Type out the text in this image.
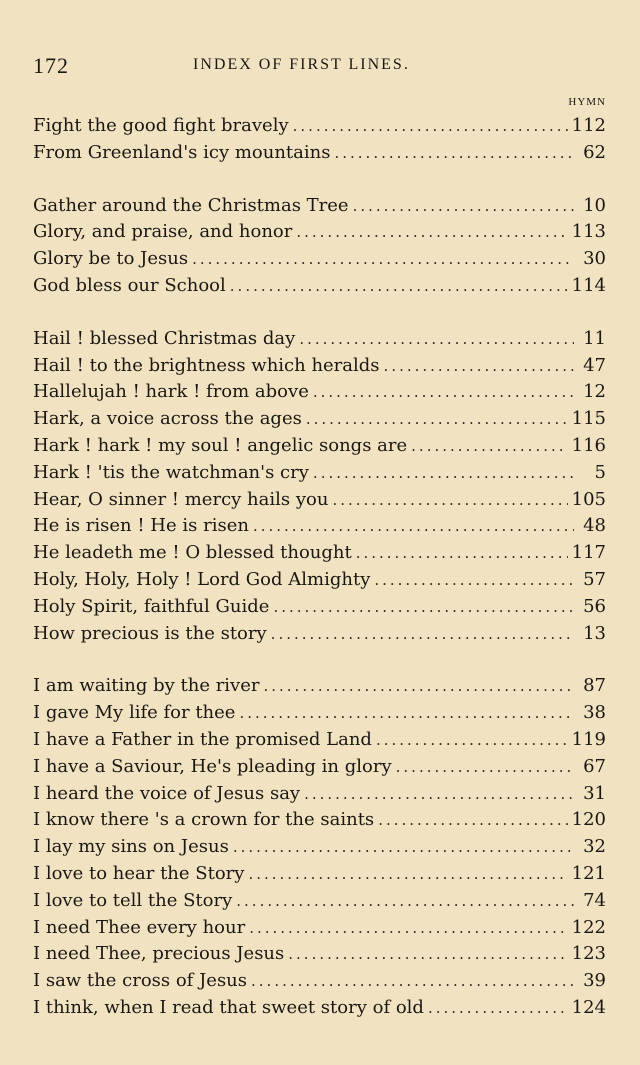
172	INDEX OF FIRST LINES.
HYMN
Fight the good fight bravely .....	112
From Greenland's icy mountains .....	62
Gather around the Christmas Tree .....	10
Glory, and praise, and honor .....	113
Glory be to Jesus .....	30
God bless our School .....	114
Hail ! blessed Christmas day .....	11
Hail ! to the brightness which heralds .....	47
Hallelujah ! hark ! from above .....	12
Hark, a voice across the ages .....	115
Hark ! hark ! my soul ! angelic songs are .....	116
Hark ! 'tis the watchman's cry .....	5
Hear, O sinner ! mercy hails you .....	105
He is risen ! He is risen .....	48
He leadeth me ! O blessed thought .....	117
Holy, Holy, Holy ! Lord God Almighty .....	57
Holy Spirit, faithful Guide .....	56
How precious is the story .....	13
I am waiting by the river .....	87
I gave My life for thee .....	38
I have a Father in the promised Land .....	119
I have a Saviour, He's pleading in glory .....	67
I heard the voice of Jesus say .....	31
I know there 's a crown for the saints .....	120
I lay my sins on Jesus .....	32
I love to hear the Story .....	121
I love to tell the Story .....	74
I need Thee every hour .....	122
I need Thee, precious Jesus .....	123
I saw the cross of Jesus .....	39
I think, when I read that sweet story of old .....	124
